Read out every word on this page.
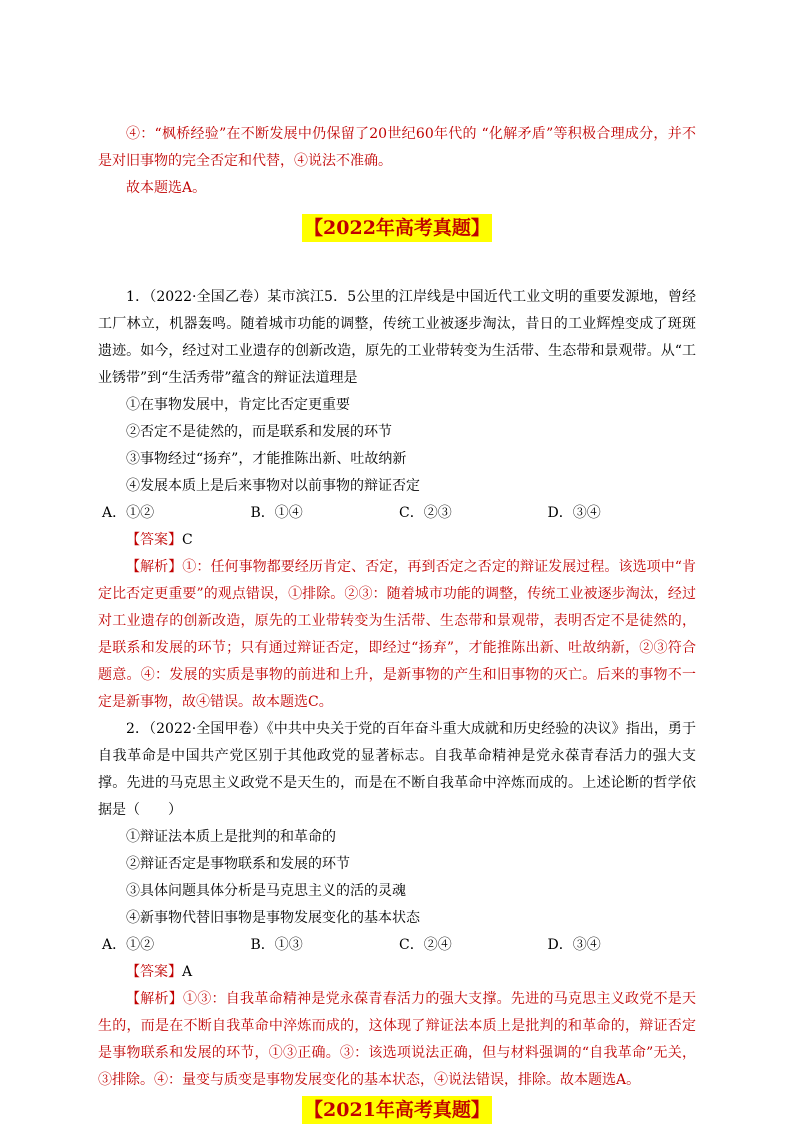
④：“枫桥经验”在不断发展中仍保留了20世纪60年代的 “化解矛盾”等积极合理成分，并不是对旧事物的完全否定和代替，④说法不准确。

故本题选A。

【2022年高考真题】

1．（2022·全国乙卷）某市滨江5．5公里的江岸线是中国近代工业文明的重要发源地，曾经工厂林立，机器轰鸣。随着城市功能的调整，传统工业被逐步淘汰，昔日的工业辉煌变成了斑斑遗迹。如今，经过对工业遗存的创新改造，原先的工业带转变为生活带、生态带和景观带。从“工业锈带”到“生活秀带”蕴含的辩证法道理是

①在事物发展中，肯定比否定更重要

②否定不是徒然的，而是联系和发展的环节

③事物经过“扬弃”，才能推陈出新、吐故纳新

④发展本质上是后来事物对以前事物的辩证否定

A．①②	B．①④	C．②③	D．③④

【答案】C

【解析】①：任何事物都要经历肯定、否定，再到否定之否定的辩证发展过程。该选项中“肯定比否定更重要”的观点错误，①排除。②③：随着城市功能的调整，传统工业被逐步淘汰，经过对工业遗存的创新改造，原先的工业带转变为生活带、生态带和景观带，表明否定不是徒然的，是联系和发展的环节；只有通过辩证否定，即经过“扬弃”，才能推陈出新、吐故纳新，②③符合题意。④：发展的实质是事物的前进和上升，是新事物的产生和旧事物的灭亡。后来的事物不一定是新事物，故④错误。故本题选C。

2．（2022·全国甲卷）《中共中央关于党的百年奋斗重大成就和历史经验的决议》指出，勇于自我革命是中国共产党区别于其他政党的显著标志。自我革命精神是党永葆青春活力的强大支撑。先进的马克思主义政党不是天生的，而是在不断自我革命中淬炼而成的。上述论断的哲学依据是（　　）

①辩证法本质上是批判的和革命的

②辩证否定是事物联系和发展的环节

③具体问题具体分析是马克思主义的活的灵魂

④新事物代替旧事物是事物发展变化的基本状态

A．①②	B．①③	C．②④	D．③④

【答案】A

【解析】①③：自我革命精神是党永葆青春活力的强大支撑。先进的马克思主义政党不是天生的，而是在不断自我革命中淬炼而成的，这体现了辩证法本质上是批判的和革命的，辩证否定是事物联系和发展的环节，①③正确。③：该选项说法正确，但与材料强调的“自我革命”无关，③排除。④：量变与质变是事物发展变化的基本状态，④说法错误，排除。故本题选A。

【2021年高考真题】
